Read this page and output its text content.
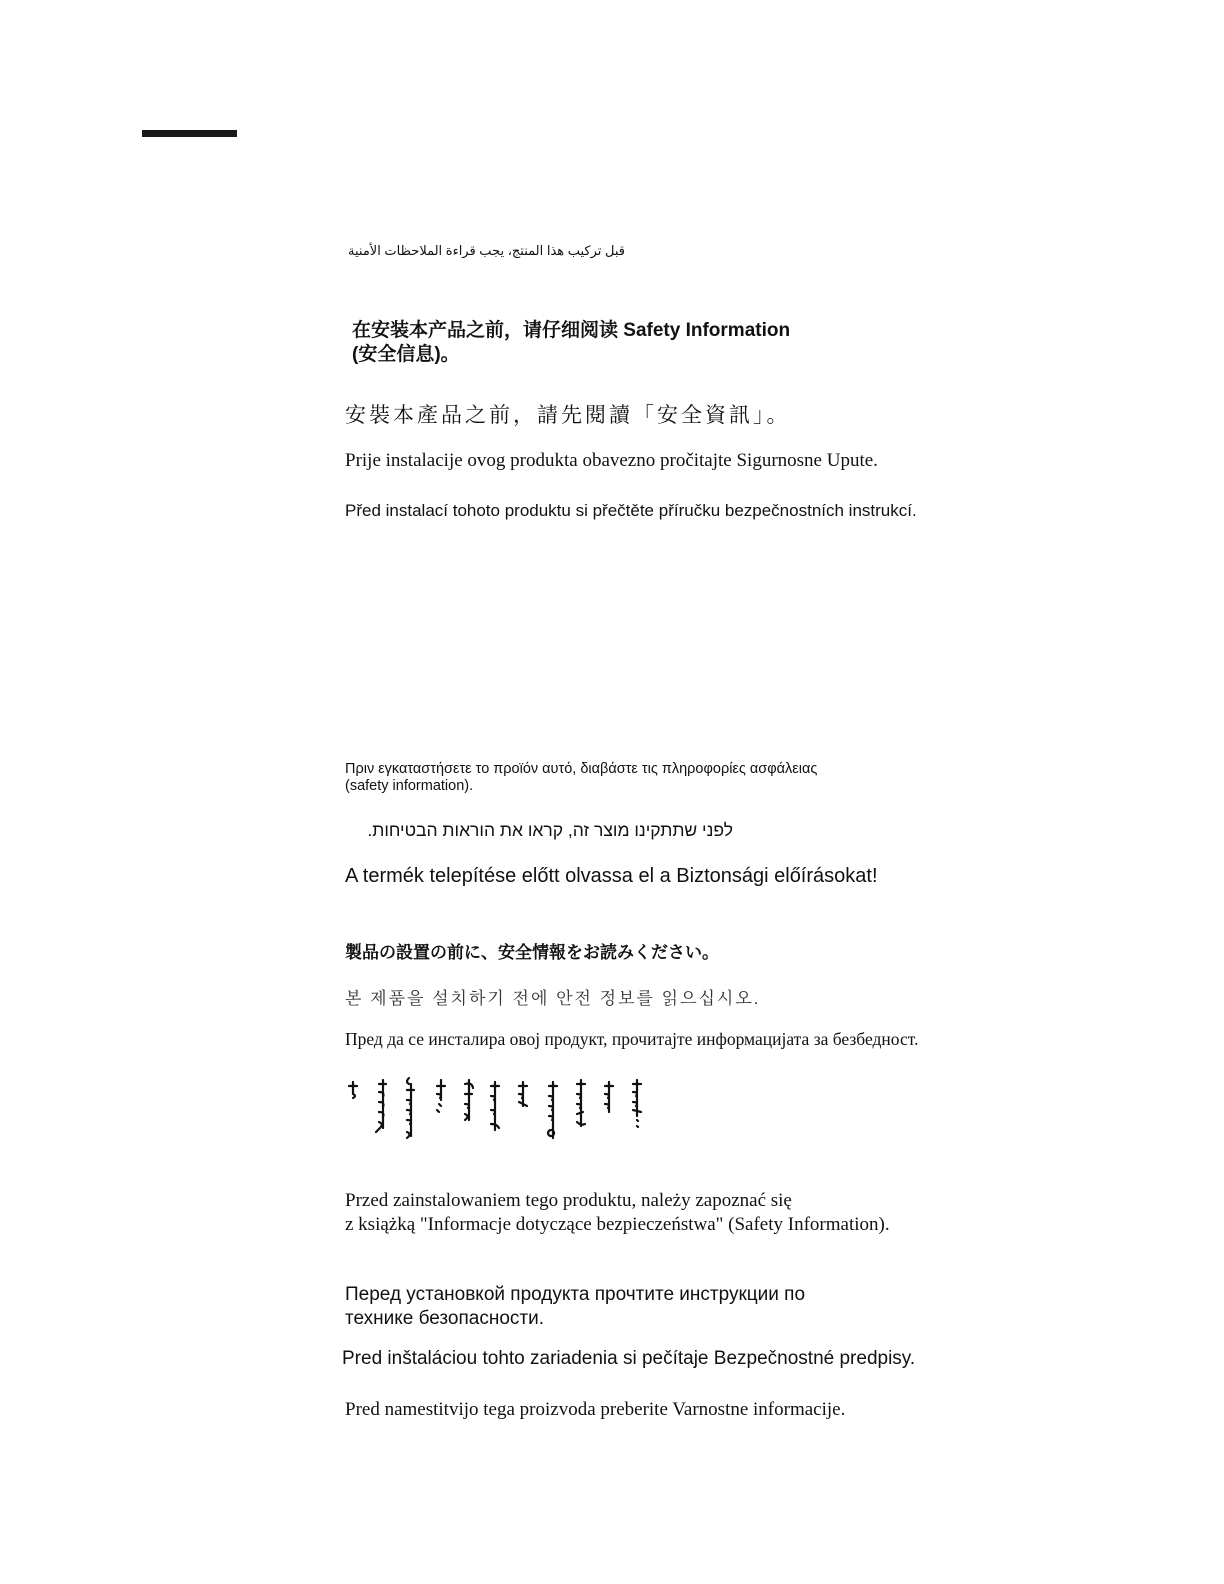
قبل تركيب هذا المنتج، يجب قراءة الملاحظات الأمنية
在安装本产品之前，请仔细阅读 Safety Information
(安全信息)。
安裝本產品之前，請先閱讀「安全資訊」。
Prije instalacije ovog produkta obavezno pročitajte Sigurnosne Upute.
Před instalací tohoto produktu si přečtěte příručku bezpečnostních instrukcí.
Πριν εγκαταστήσετε το προϊόν αυτό, διαβάστε τις πληροφορίες ασφάλειας
(safety information).
לפני שתתקינו מוצר זה, קראו את הוראות הבטיחות.
A termék telepítése előtt olvassa el a Biztonsági előírásokat!
製品の設置の前に、安全情報をお読みください。
본 제품을 설치하기 전에 안전 정보를 읽으십시오.
Пред да се инсталира овој продукт, прочитајте информацијата за безбедност.
Przed zainstalowaniem tego produktu, należy zapoznać się
z książką "Informacje dotyczące bezpieczeństwa" (Safety Information).
Перед установкой продукта прочтите инструкции по
технике безопасности.
Pred inštaláciou tohto zariadenia si pečítaje Bezpečnostné predpisy.
Pred namestitvijo tega proizvoda preberite Varnostne informacije.
